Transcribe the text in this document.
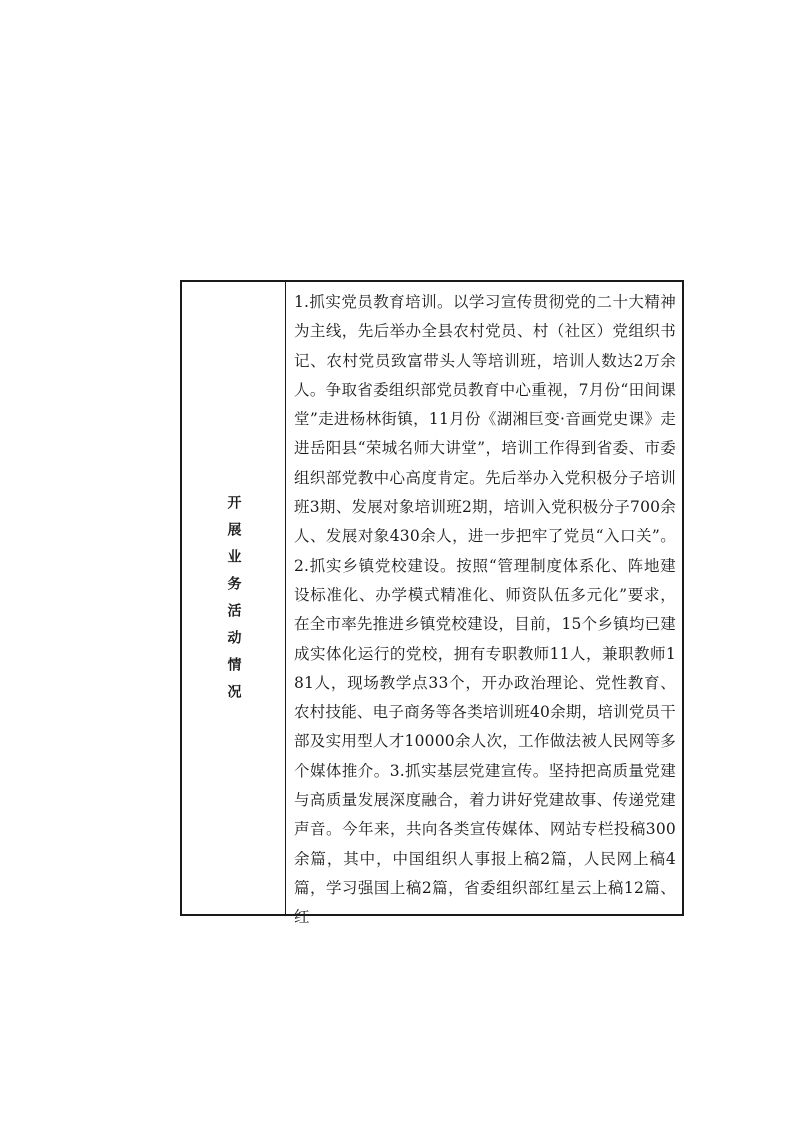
开展业务活动情况

1.抓实党员教育培训。以学习宣传贯彻党的二十大精神为主线，先后举办全县农村党员、村（社区）党组织书记、农村党员致富带头人等培训班，培训人数达2万余人。争取省委组织部党员教育中心重视，7月份“田间课堂”走进杨林街镇，11月份《湖湘巨变·音画党史课》走进岳阳县“荣城名师大讲堂”，培训工作得到省委、市委组织部党教中心高度肯定。先后举办入党积极分子培训班3期、发展对象培训班2期，培训入党积极分子700余人、发展对象430余人，进一步把牢了党员“入口关”。 2.抓实乡镇党校建设。按照“管理制度体系化、阵地建设标准化、办学模式精准化、师资队伍多元化”要求，在全市率先推进乡镇党校建设，目前，15个乡镇均已建成实体化运行的党校，拥有专职教师11人，兼职教师181人，现场教学点33个，开办政治理论、党性教育、农村技能、电子商务等各类培训班40余期，培训党员干部及实用型人才10000余人次，工作做法被人民网等多个媒体推介。3.抓实基层党建宣传。坚持把高质量党建与高质量发展深度融合，着力讲好党建故事、传递党建声音。今年来，共向各类宣传媒体、网站专栏投稿300余篇，其中，中国组织人事报上稿2篇，人民网上稿4篇，学习强国上稿2篇，省委组织部红星云上稿12篇、红
